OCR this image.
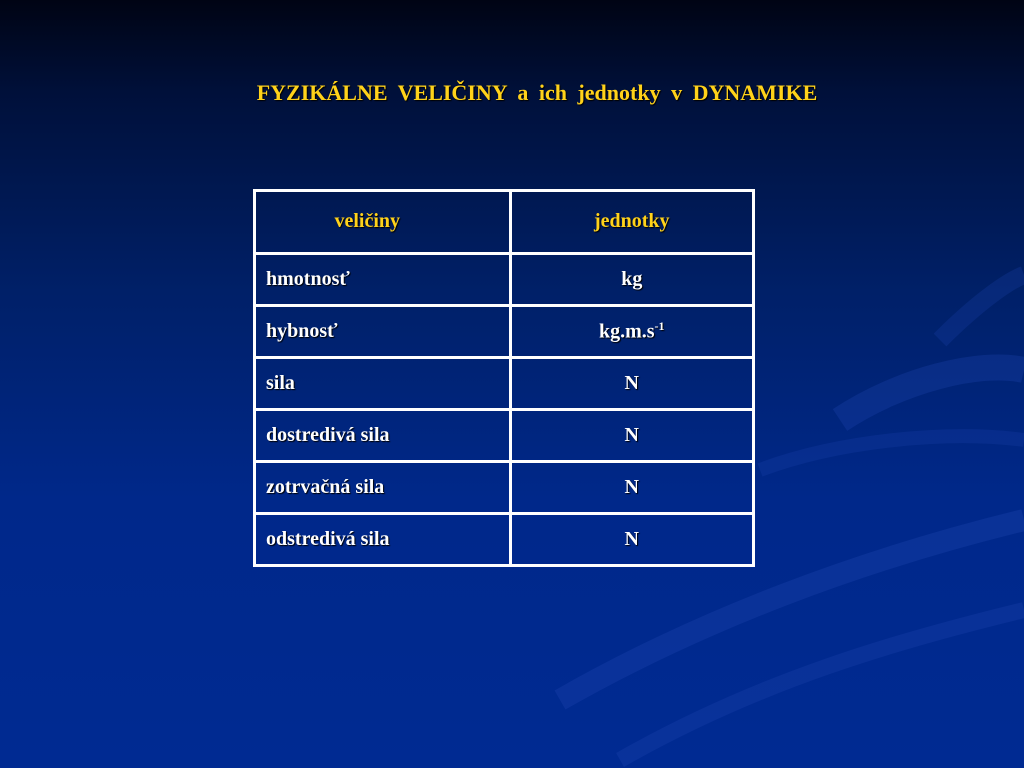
FYZIKÁLNE VELIČINY a ich jednotky v DYNAMIKE
veličiny	jednotky
hmotnosť	kg
hybnosť	$kg.m.s^{-1}$
sila	N
dostredivá sila	N
zotrvačná sila	N
odstredivá sila	N
